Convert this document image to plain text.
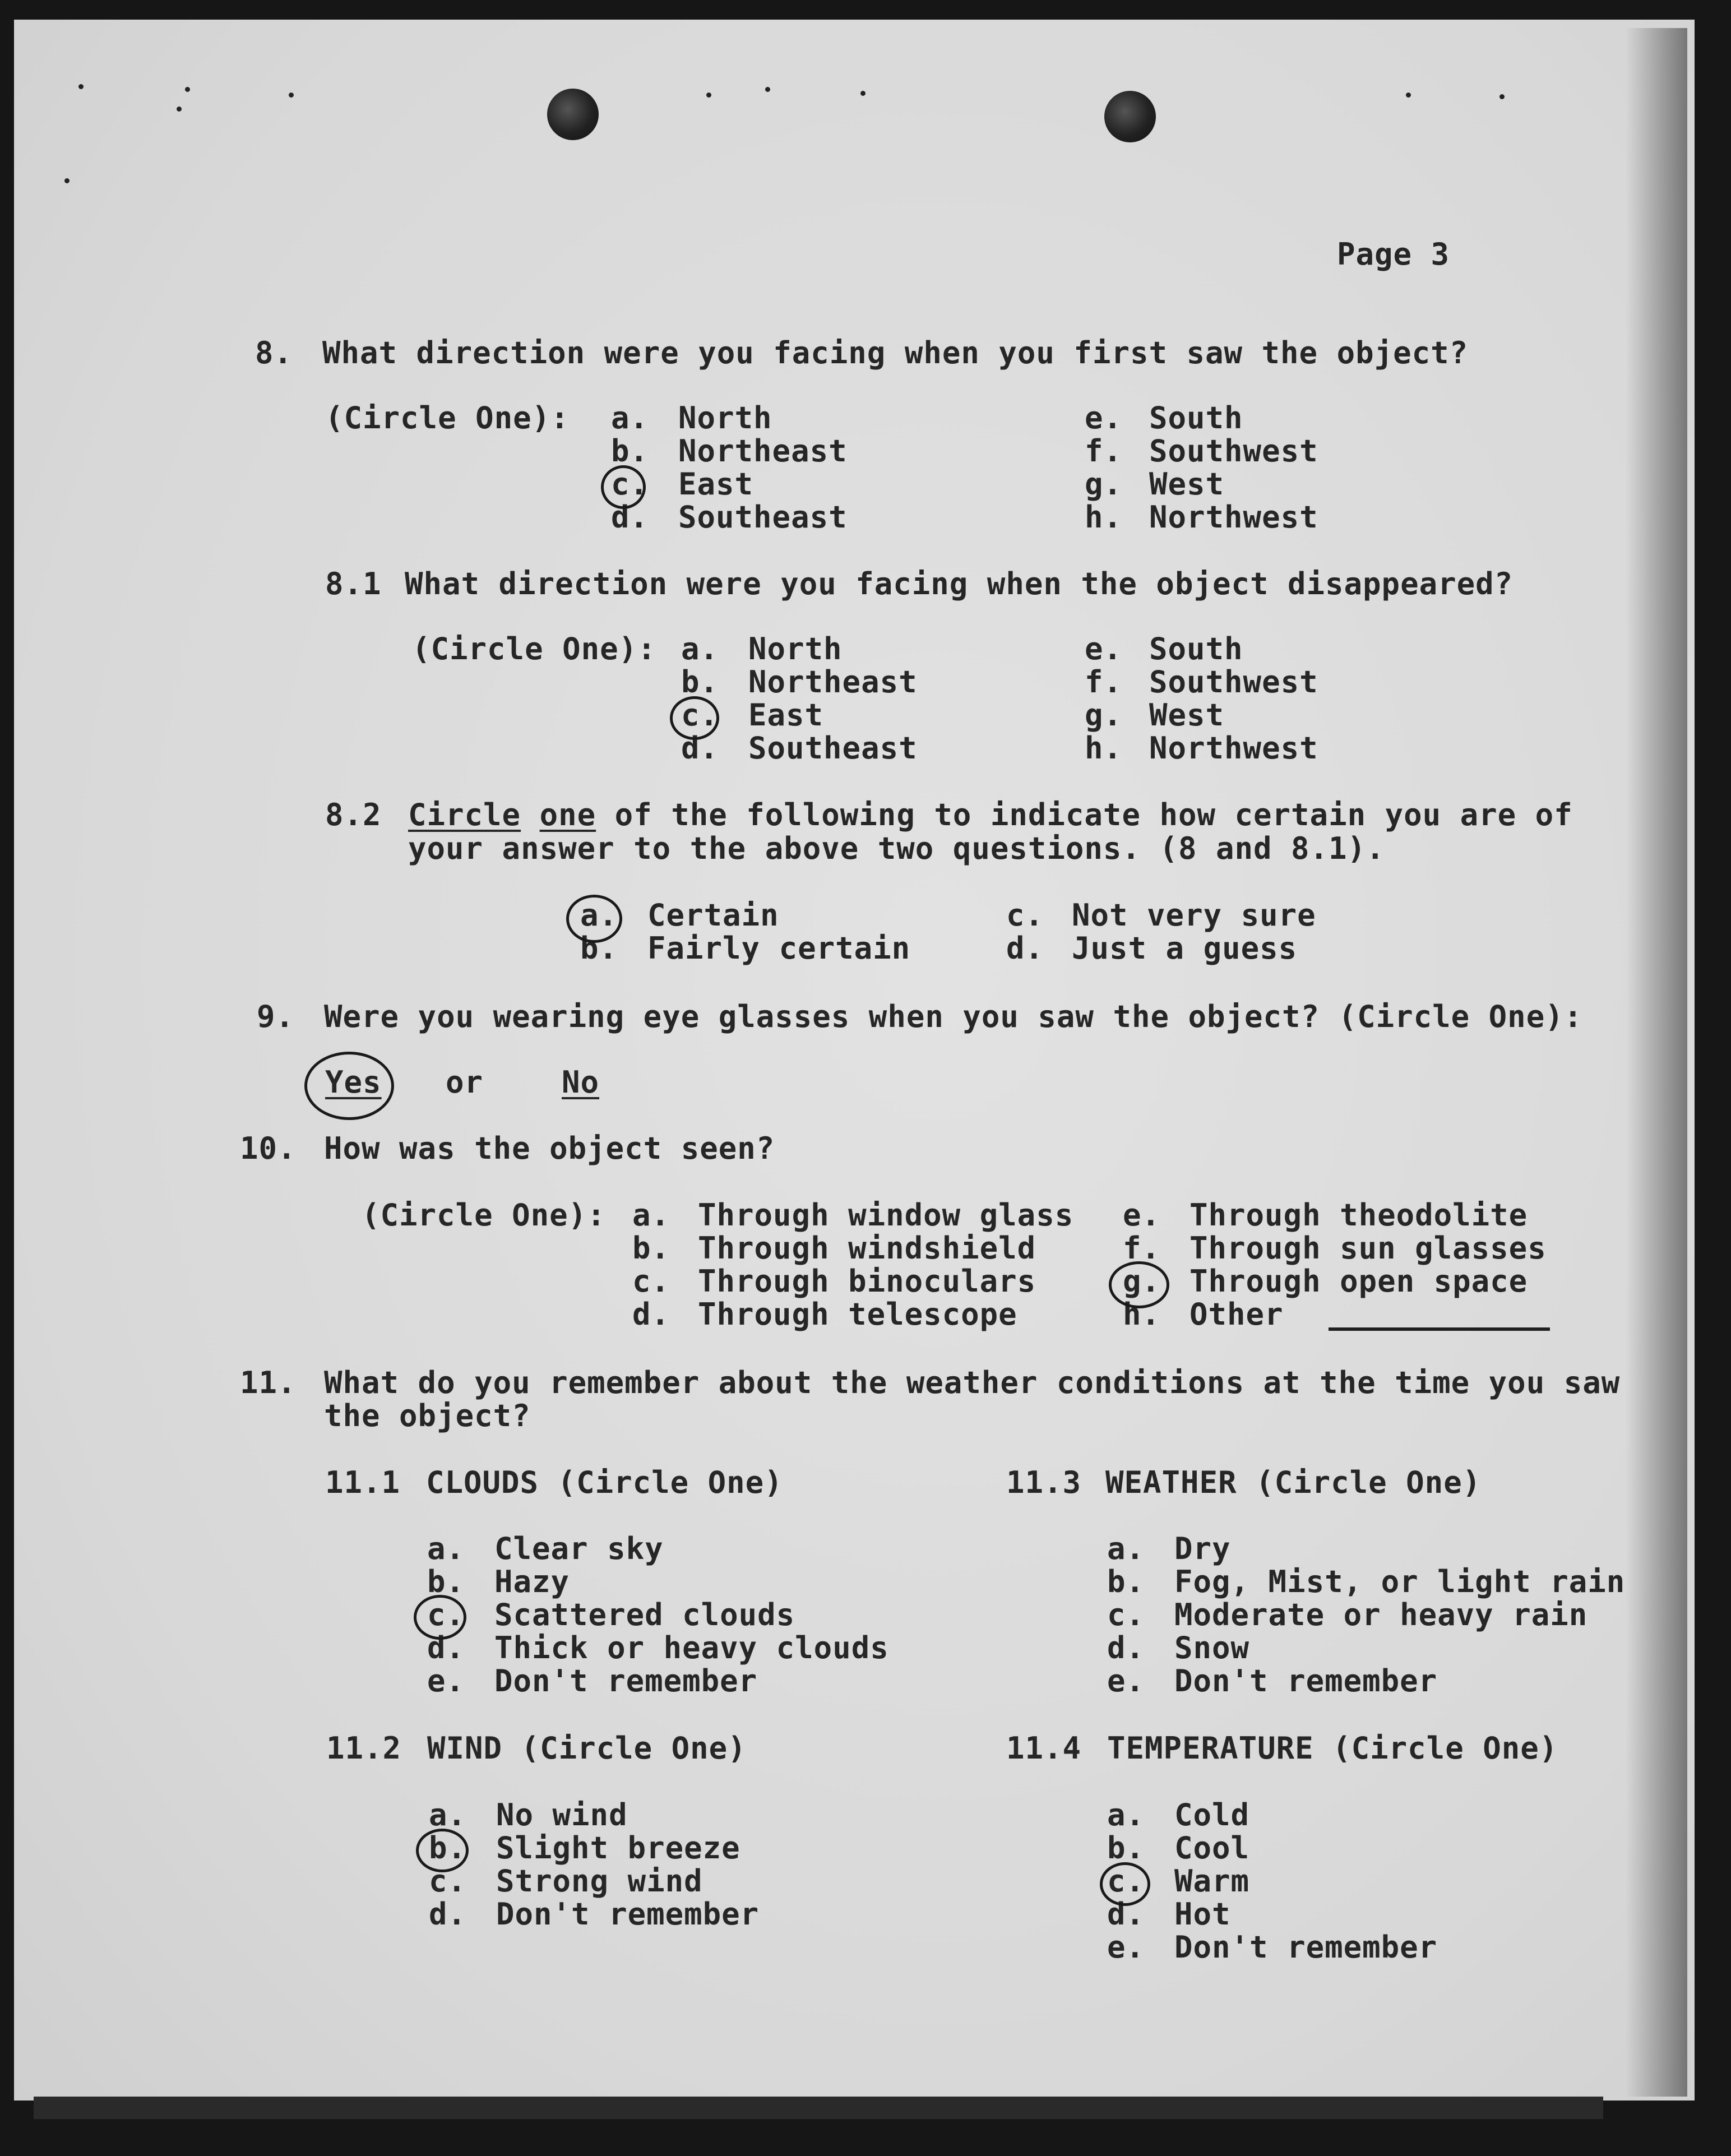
Page 3
8. What direction were you facing when you first saw the object?
(Circle One): a. North
b. Northeast
c. East
d. Southeast
e. South
f. Southwest
g. West
h. Northwest
8.1 What direction were you facing when the object disappeared?
(Circle One): a. North
b. Northeast
c. East
d. Southeast
e. South
f. Southwest
g. West
h. Northwest
8.2 Circle one of the following to indicate how certain you are of
your answer to the above two questions. (8 and 8.1).
a. Certain
b. Fairly certain
c. Not very sure
d. Just a guess
9. Were you wearing eye glasses when you saw the object? (Circle One):
Yes or	No
10. How was the object seen?
(Circle One): a. Through window glass
b. Through windshield
c. Through binoculars
d. Through telescope
e. Through theodolite
f. Through sun glasses
g. Through open space
h. Other
11. What do you remember about the weather conditions at the time you saw
the object?
11.1 CLOUDS (Circle One)
a. Clear sky
b. Hazy
c. Scattered clouds
d. Thick or heavy clouds
e. Don't remember
11.2 WIND (Circle One)
a. No wind
b. Slight breeze
c. Strong wind
d. Don't remember
11.3 WEATHER (Circle One)
a. Dry
b. Fog, Mist, or light rain
c. Moderate or heavy rain
d. Snow
e. Don't remember
11.4 TEMPERATURE (Circle One)
a. Cold
b. Cool
c. Warm
d. Hot
e. Don't remember
